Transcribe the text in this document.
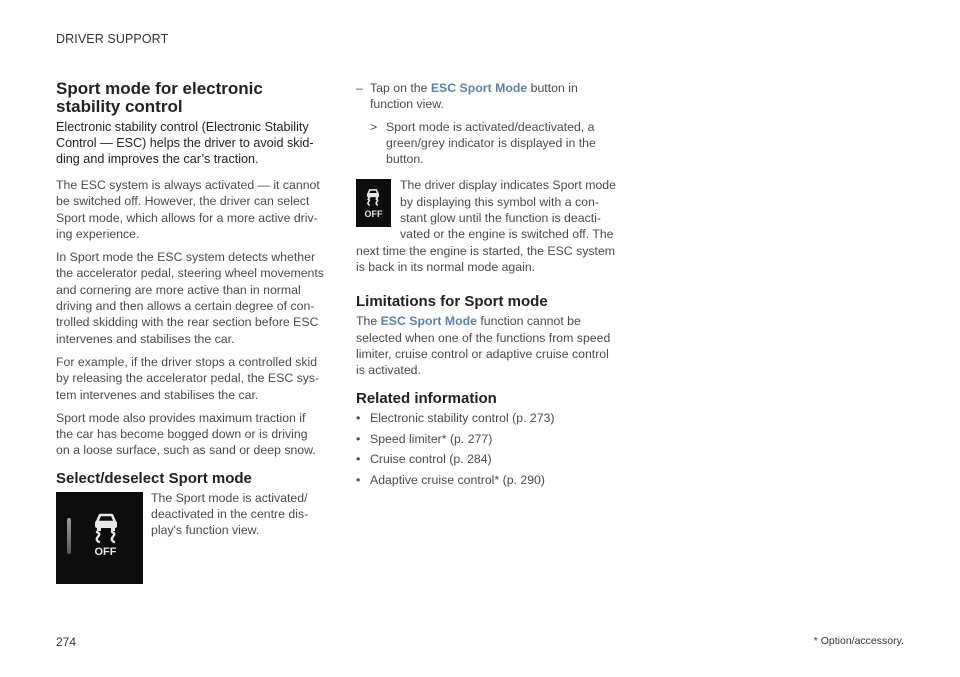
DRIVER SUPPORT
Sport mode for electronic stability control
Electronic stability control (Electronic Stability Control — ESC) helps the driver to avoid skid-ding and improves the car’s traction.

The ESC system is always activated — it cannot be switched off. However, the driver can select Sport mode, which allows for a more active driv-ing experience.

In Sport mode the ESC system detects whether the accelerator pedal, steering wheel movements and cornering are more active than in normal driving and then allows a certain degree of con-trolled skidding with the rear section before ESC intervenes and stabilises the car.

For example, if the driver stops a controlled skid by releasing the accelerator pedal, the ESC sys-tem intervenes and stabilises the car.

Sport mode also provides maximum traction if the car has become bogged down or is driving on a loose surface, such as sand or deep snow.

Select/deselect Sport mode
OFF

The Sport mode is activated/ deactivated in the centre dis-play's function view.

– Tap on the ESC Sport Mode button in function view.
> Sport mode is activated/deactivated, a green/grey indicator is displayed in the button.
OFF

The driver display indicates Sport mode by displaying this symbol with a con-stant glow until the function is deacti-vated or the engine is switched off. The next time the engine is started, the ESC system is back in its normal mode again.

Limitations for Sport mode

The ESC Sport Mode function cannot be selected when one of the functions from speed limiter, cruise control or adaptive cruise control is activated.

Related information
• Electronic stability control (p. 273)
• Speed limiter* (p. 277)
• Cruise control (p. 284)
• Adaptive cruise control* (p. 290)
274	* Option/accessory.
